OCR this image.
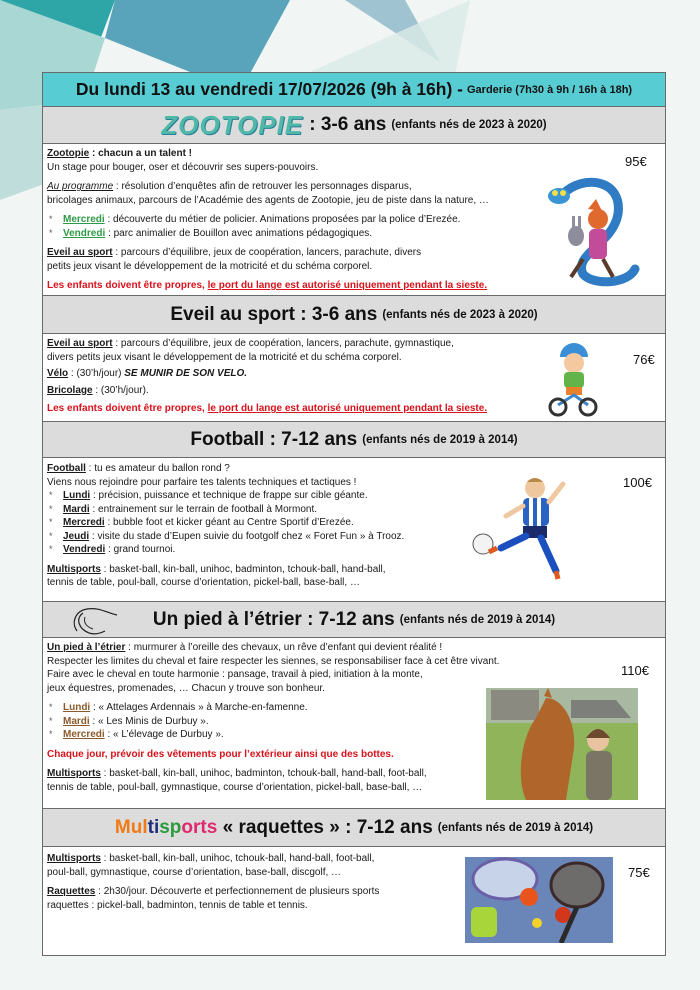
Du lundi 13 au vendredi 17/07/2026 (9h à 16h) - Garderie (7h30 à 9h / 16h à 18h)
ZOOTOPIE : 3-6 ans (enfants nés de 2023 à 2020)

Zootopie : chacun a un talent !

Un stage pour bouger, oser et découvrir ses supers-pouvoirs.

Au programme : résolution d’enquêtes afin de retrouver les personnages disparus,

bricolages animaux, parcours de l’Académie des agents de Zootopie, jeu de piste dans la nature, …

* Mercredi : découverte du métier de policier. Animations proposées par la police d’Erezée.

* Vendredi : parc animalier de Bouillon avec animations pédagogiques.

Eveil au sport : parcours d’équilibre, jeux de coopération, lancers, parachute, divers

petits jeux visant le développement de la motricité et du schéma corporel.

Les enfants doivent être propres, le port du lange est autorisé uniquement pendant la sieste.

95€
Eveil au sport : 3-6 ans (enfants nés de 2023 à 2020)

Eveil au sport : parcours d’équilibre, jeux de coopération, lancers, parachute, gymnastique,

divers petits jeux visant le développement de la motricité et du schéma corporel.

Vélo : (30’h/jour) SE MUNIR DE SON VELO.

Bricolage : (30’h/jour).

Les enfants doivent être propres, le port du lange est autorisé uniquement pendant la sieste.

76€
Football : 7-12 ans (enfants nés de 2019 à 2014)

Football : tu es amateur du ballon rond ?

Viens nous rejoindre pour parfaire tes talents techniques et tactiques !

* Lundi : précision, puissance et technique de frappe sur cible géante.

* Mardi : entrainement sur le terrain de football à Mormont.

* Mercredi : bubble foot et kicker géant au Centre Sportif d’Erezée.

* Jeudi : visite du stade d’Eupen suivie du footgolf chez « Foret Fun » à Trooz.

* Vendredi : grand tournoi.

Multisports : basket-ball, kin-ball, unihoc, badminton, tchouk-ball, hand-ball,

tennis de table, poul-ball, course d’orientation, pickel-ball, base-ball, …

100€
Un pied à l’étrier : 7-12 ans (enfants nés de 2019 à 2014)

Un pied à l’étrier : murmurer à l’oreille des chevaux, un rêve d’enfant qui devient réalité !

Respecter les limites du cheval et faire respecter les siennes, se responsabiliser face à cet être vivant.

Faire avec le cheval en toute harmonie : pansage, travail à pied, initiation à la monte,

jeux équestres, promenades, … Chacun y trouve son bonheur.

* Lundi : « Attelages Ardennais » à Marche-en-famenne.

* Mardi : « Les Minis de Durbuy ».

* Mercredi : « L’élevage de Durbuy ».

Chaque jour, prévoir des vêtements pour l’extérieur ainsi que des bottes.

Multisports : basket-ball, kin-ball, unihoc, badminton, tchouk-ball, hand-ball, foot-ball,

tennis de table, poul-ball, gymnastique, course d’orientation, pickel-ball, base-ball, …

110€
Multisports « raquettes » : 7-12 ans (enfants nés de 2019 à 2014)

Multisports : basket-ball, kin-ball, unihoc, tchouk-ball, hand-ball, foot-ball,

poul-ball, gymnastique, course d’orientation, base-ball, discgolf, …

Raquettes : 2h30/jour. Découverte et perfectionnement de plusieurs sports

raquettes : pickel-ball, badminton, tennis de table et tennis.

75€
